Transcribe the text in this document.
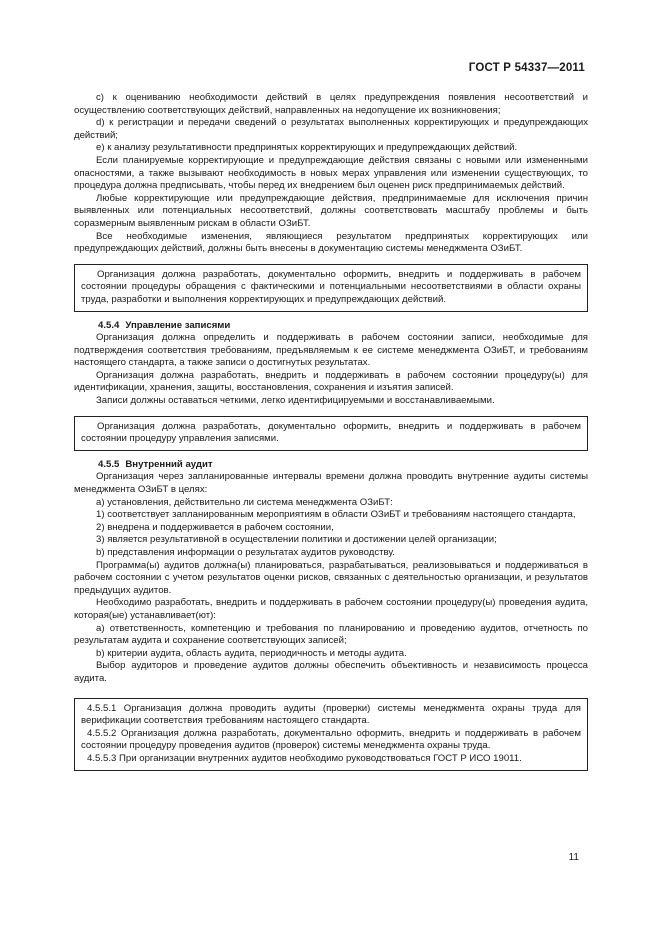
ГОСТ Р 54337—2011

c) к оцениванию необходимости действий в целях предупреждения появления несоответствий и осуществлению соответствующих действий, направленных на недопущение их возникновения;

d) к регистрации и передачи сведений о результатах выполненных корректирующих и предупреждающих действий;

e) к анализу результативности предпринятых корректирующих и предупреждающих действий.

Если планируемые корректирующие и предупреждающие действия связаны с новыми или измененными опасностями, а также вызывают необходимость в новых мерах управления или изменении существующих, то процедура должна предписывать, чтобы перед их внедрением был оценен риск предпринимаемых действий.

Любые корректирующие или предупреждающие действия, предпринимаемые для исключения причин выявленных или потенциальных несоответствий, должны соответствовать масштабу проблемы и быть соразмерным выявленным рискам в области ОЗиБТ.

Все необходимые изменения, являющиеся результатом предпринятых корректирующих или предупреждающих действий, должны быть внесены в документацию системы менеджмента ОЗиБТ.

Организация должна разработать, документально оформить, внедрить и поддерживать в рабочем состоянии процедуры обращения с фактическими и потенциальными несоответствиями в области охраны труда, разработки и выполнения корректирующих и предупреждающих действий.

4.5.4 Управление записями

Организация должна определить и поддерживать в рабочем состоянии записи, необходимые для подтверждения соответствия требованиям, предъявляемым к ее системе менеджмента ОЗиБТ, и требованиям настоящего стандарта, а также записи о достигнутых результатах.

Организация должна разработать, внедрить и поддерживать в рабочем состоянии процедуру(ы) для идентификации, хранения, защиты, восстановления, сохранения и изъятия записей.

Записи должны оставаться четкими, легко идентифицируемыми и восстанавливаемыми.

Организация должна разработать, документально оформить, внедрить и поддерживать в рабочем состоянии процедуру управления записями.

4.5.5 Внутренний аудит

Организация через запланированные интервалы времени должна проводить внутренние аудиты системы менеджмента ОЗиБТ в целях:

a) установления, действительно ли система менеджмента ОЗиБТ:

1) соответствует запланированным мероприятиям в области ОЗиБТ и требованиям настоящего стандарта,

2) внедрена и поддерживается в рабочем состоянии,

3) является результативной в осуществлении политики и достижении целей организации;

b) представления информации о результатах аудитов руководству.

Программа(ы) аудитов должна(ы) планироваться, разрабатываться, реализовываться и поддерживаться в рабочем состоянии с учетом результатов оценки рисков, связанных с деятельностью организации, и результатов предыдущих аудитов.

Необходимо разработать, внедрить и поддерживать в рабочем состоянии процедуру(ы) проведения аудита, которая(ые) устанавливает(ют):

a) ответственность, компетенцию и требования по планированию и проведению аудитов, отчетность по результатам аудита и сохранение соответствующих записей;

b) критерии аудита, область аудита, периодичность и методы аудита.

Выбор аудиторов и проведение аудитов должны обеспечить объективность и независимость процесса аудита.

4.5.5.1 Организация должна проводить аудиты (проверки) системы менеджмента охраны труда для верификации соответствия требованиям настоящего стандарта.

4.5.5.2 Организация должна разработать, документально оформить, внедрить и поддерживать в рабочем состоянии процедуру проведения аудитов (проверок) системы менеджмента охраны труда.

4.5.5.3 При организации внутренних аудитов необходимо руководствоваться ГОСТ Р ИСО 19011.

11
